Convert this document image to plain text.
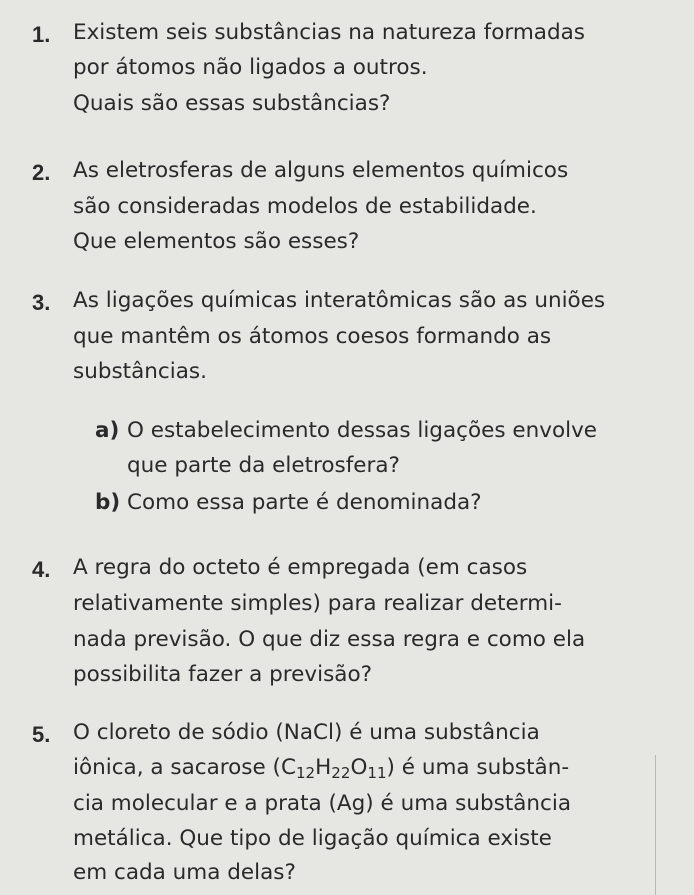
1. Existem seis substâncias na natureza formadas
por átomos não ligados a outros.
Quais são essas substâncias?
2. As eletrosferas de alguns elementos químicos
são consideradas modelos de estabilidade.
Que elementos são esses?
3. As ligações químicas interatômicas são as uniões
que mantêm os átomos coesos formando as
substâncias.
a) O estabelecimento dessas ligações envolve
que parte da eletrosfera?
b) Como essa parte é denominada?
4. A regra do octeto é empregada (em casos
relativamente simples) para realizar determi-
nada previsão. O que diz essa regra e como ela
possibilita fazer a previsão?
5. O cloreto de sódio (NaCl) é uma substância
iônica, a sacarose $(C_{12}H_{22}O_{11})$ é uma substân-
cia molecular e a prata (Ag) é uma substância
metálica. Que tipo de ligação química existe
em cada uma delas?
